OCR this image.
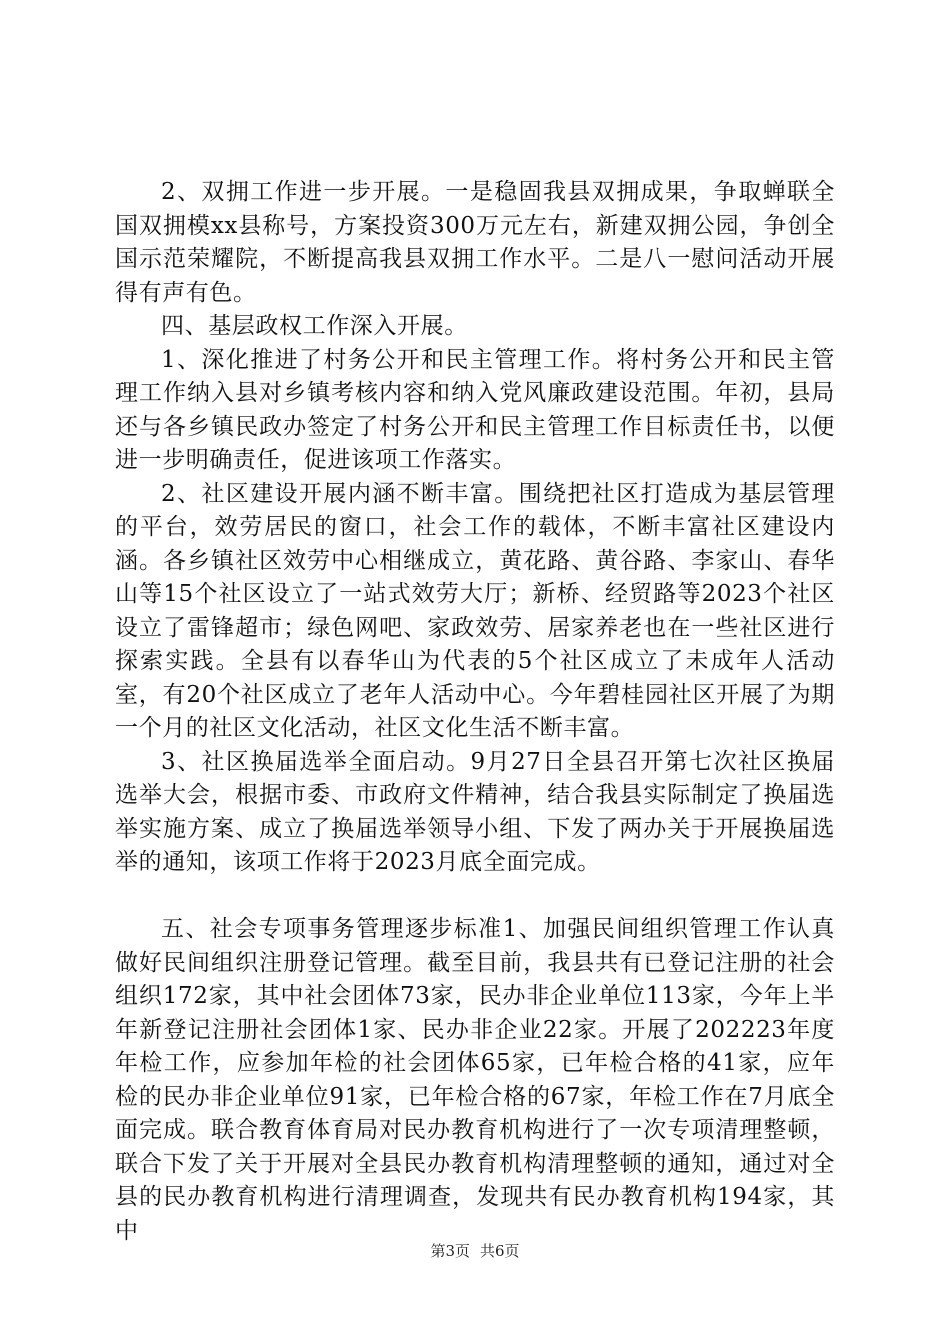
2、双拥工作进一步开展。一是稳固我县双拥成果，争取蝉联全国双拥模xx县称号，方案投资300万元左右，新建双拥公园，争创全国示范荣耀院，不断提高我县双拥工作水平。二是八一慰问活动开展得有声有色。

四、基层政权工作深入开展。

1、深化推进了村务公开和民主管理工作。将村务公开和民主管理工作纳入县对乡镇考核内容和纳入党风廉政建设范围。年初，县局还与各乡镇民政办签定了村务公开和民主管理工作目标责任书，以便进一步明确责任，促进该项工作落实。

2、社区建设开展内涵不断丰富。围绕把社区打造成为基层管理的平台，效劳居民的窗口，社会工作的载体，不断丰富社区建设内涵。各乡镇社区效劳中心相继成立，黄花路、黄谷路、李家山、春华山等15个社区设立了一站式效劳大厅；新桥、经贸路等2023个社区设立了雷锋超市；绿色网吧、家政效劳、居家养老也在一些社区进行探索实践。全县有以春华山为代表的5个社区成立了未成年人活动室，有20个社区成立了老年人活动中心。今年碧桂园社区开展了为期一个月的社区文化活动，社区文化生活不断丰富。

3、社区换届选举全面启动。9月27日全县召开第七次社区换届选举大会，根据市委、市政府文件精神，结合我县实际制定了换届选举实施方案、成立了换届选举领导小组、下发了两办关于开展换届选举的通知，该项工作将于2023月底全面完成。

五、社会专项事务管理逐步标准1、加强民间组织管理工作认真做好民间组织注册登记管理。截至目前，我县共有已登记注册的社会组织172家，其中社会团体73家，民办非企业单位113家，今年上半年新登记注册社会团体1家、民办非企业22家。开展了202223年度年检工作，应参加年检的社会团体65家，已年检合格的41家，应年检的民办非企业单位91家，已年检合格的67家，年检工作在7月底全面完成。联合教育体育局对民办教育机构进行了一次专项清理整顿，联合下发了关于开展对全县民办教育机构清理整顿的通知，通过对全县的民办教育机构进行清理调查，发现共有民办教育机构194家，其中

第3页 共6页
